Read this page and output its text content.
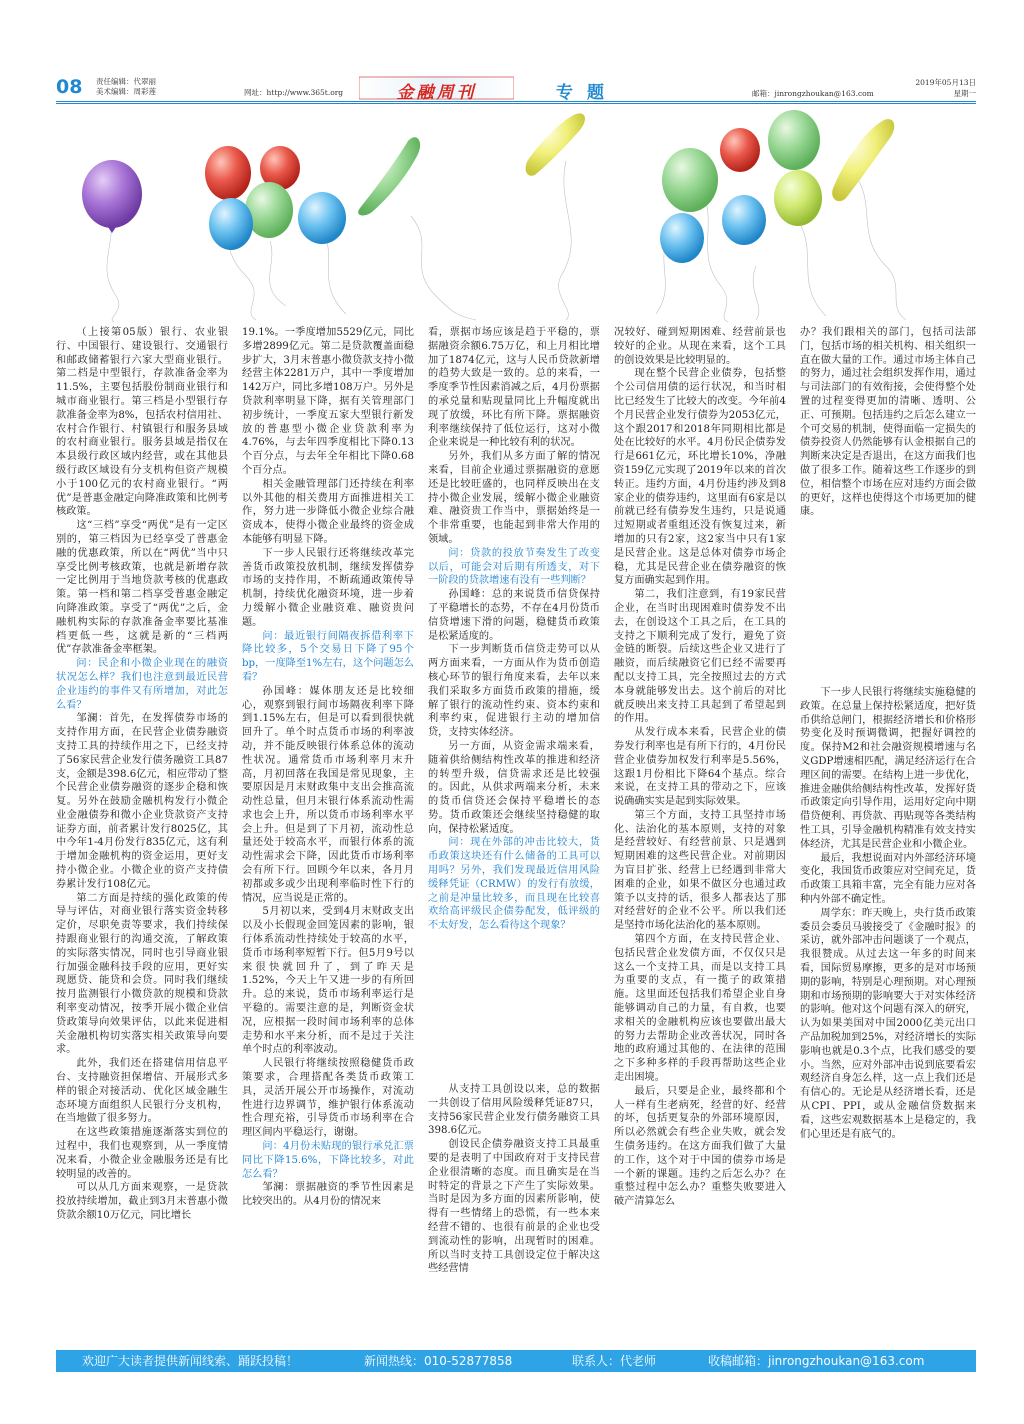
08 责任编辑：代翠丽
美术编辑：周彩莲	网址：http://www.365t.org	金融周刊	专题	邮箱：jinrongzhoukan@163.com
2019年05月13日
星期一

（上接第05版）银行、农业银行、中国银行、建设银行、交通银行和邮政储蓄银行六家大型商业银行。第二档是中型银行，存款准备金率为11.5%，主要包括股份制商业银行和城市商业银行。第三档是小型银行存款准备金率为8%，包括农村信用社、农村合作银行、村镇银行和服务县域的农村商业银行。服务县域是指仅在本县级行政区域内经营，或在其他县级行政区域设有分支机构但资产规模小于100亿元的农村商业银行。“两优”是普惠金融定向降准政策和比例考核政策。

这“三档”享受“两优”是有一定区别的，第三档因为已经享受了普惠金融的优惠政策，所以在“两优”当中只享受比例考核政策，也就是新增存款一定比例用于当地贷款考核的优惠政策。第一档和第二档享受普惠金融定向降准政策。享受了“两优”之后，金融机构实际的存款准备金率要比基准档更低一些，这就是新的“三档两优”存款准备金率框架。

问：民企和小微企业现在的融资状况怎么样？我们也注意到最近民营企业违约的事件又有所增加，对此怎么看？

邹澜：首先，在发挥债券市场的支持作用方面，在民营企业债券融资支持工具的持续作用之下，已经支持了56家民营企业发行债务融资工具87支，金额是398.6亿元，相应带动了整个民营企业债券融资的逐步企稳和恢复。另外在鼓励金融机构发行小微企业金融债券和微小企业贷款资产支持证券方面，前者累计发行8025亿，其中今年1-4月份发行835亿元，这有利于增加金融机构的资金运用，更好支持小微企业。小微企业的资产支持债券累计发行108亿元。

第二方面是持续的强化政策的传导与评估，对商业银行落实资金转移定价，尽职免责等要求，我们持续保持跟商业银行的沟通交流，了解政策的实际落实情况，同时也引导商业银行加强金融科技手段的应用，更好实现愿贷、能贷和会贷。同时我们继续按月监测银行小微贷款的规模和贷款利率变动情况，按季开展小微企业信贷政策导向效果评估，以此来促进相关金融机构切实落实相关政策导向要求。

此外，我们还在搭建信用信息平台、支持融资担保增信、开展形式多样的银企对接活动、优化区域金融生态环境方面组织人民银行分支机构，在当地做了很多努力。

在这些政策措施逐渐落实到位的过程中，我们也观察到，从一季度情况来看，小微企业金融服务还是有比较明显的改善的。

可以从几方面来观察，一是贷款投放持续增加，截止到3月末普惠小微贷款余额10万亿元，同比增长

19.1%。一季度增加5529亿元，同比多增2899亿元。第二是贷款覆盖面稳步扩大，3月末普惠小微贷款支持小微经营主体2281万户，其中一季度增加142万户，同比多增108万户。另外是贷款利率明显下降，据有关管理部门初步统计，一季度五家大型银行新发放的普惠型小微企业贷款利率为4.76%，与去年四季度相比下降0.13个百分点，与去年全年相比下降0.68个百分点。

相关金融管理部门还持续在利率以外其他的相关费用方面推进相关工作，努力进一步降低小微企业综合融资成本，使得小微企业最终的资金成本能够有明显下降。

下一步人民银行还将继续改革完善货币政策投放机制，继续发挥债券市场的支持作用，不断疏通政策传导机制，持续优化融资环境，进一步着力缓解小微企业融资难、融资贵问题。

问：最近银行间隔夜拆借利率下降比较多，5个交易日下降了95个bp，一度降至1%左右，这个问题怎么看？

孙国峰：媒体朋友还是比较细心，观察到银行间市场隔夜利率下降到1.15%左右，但是可以看到很快就回升了。单个时点货币市场的利率波动，并不能反映银行体系总体的流动性状况。通常货币市场利率月末升高，月初回落在我国是常见现象，主要原因是月末财政集中支出会推高流动性总量，但月末银行体系流动性需求也会上升，所以货币市场利率水平会上升。但是到了下月初，流动性总量还处于较高水平，而银行体系的流动性需求会下降，因此货币市场利率会有所下行。回顾今年以来，各月月初都或多或少出现利率临时性下行的情况，应当说是正常的。

5月初以来，受到4月末财政支出以及小长假现金回笼因素的影响，银行体系流动性持续处于较高的水平，货币市场利率短暂下行。但5月9号以来很快就回升了，到了昨天是1.52%，今天上午又进一步的有所回升。总的来说，货币市场利率运行是平稳的。需要注意的是，判断资金状况，应根据一段时间市场利率的总体走势和水平来分析，而不是过于关注单个时点的利率波动。

人民银行将继续按照稳健货币政策要求，合理搭配各类货币政策工具，灵活开展公开市场操作，对流动性进行边界调节，维护银行体系流动性合理充裕，引导货币市场利率在合理区间内平稳运行，谢谢。

问：4月份未贴现的银行承兑汇票同比下降15.6%，下降比较多，对此怎么看？

邹澜：票据融资的季节性因素是比较突出的。从4月份的情况来

看，票据市场应该是趋于平稳的，票据融资余额6.75万亿，和上月相比增加了1874亿元，这与人民币贷款新增的趋势大致是一致的。总的来看，一季度季节性因素消减之后，4月份票据的承兑量和贴现量同比上升幅度就出现了放缓，环比有所下降。票据融资利率继续保持了低位运行，这对小微企业来说是一种比较有利的状况。

另外，我们从多方面了解的情况来看，目前企业通过票据融资的意愿还是比较旺盛的，也同样反映出在支持小微企业发展，缓解小微企业融资难、融资贵工作当中，票据始终是一个非常重要，也能起到非常大作用的领域。

问：贷款的投放节奏发生了改变以后，可能会对后期有所透支，对下一阶段的贷款增速有没有一些判断？

孙国峰：总的来说货币信贷保持了平稳增长的态势，不存在4月份货币信贷增速下滑的问题，稳健货币政策是松紧适度的。

下一步判断货币信贷走势可以从两方面来看，一方面从作为货币创造核心环节的银行角度来看，去年以来我们采取多方面货币政策的措施，缓解了银行的流动性约束、资本约束和利率约束，促进银行主动的增加信贷，支持实体经济。

另一方面，从资金需求端来看，随着供给侧结构性改革的推进和经济的转型升级，信贷需求还是比较强的。因此，从供求两端来分析，未来的货币信贷还会保持平稳增长的态势。货币政策还会继续坚持稳健的取向，保持松紧适度。

问：现在外部的冲击比较大，货币政策这块还有什么储备的工具可以用吗？另外，我们发现最近信用风险缓释凭证（CRMW）的发行有放缓，之前是冲量比较多，而且现在比较喜欢给高评级民企债券配发，低评级的不太好发，怎么看待这个现象？

从支持工具创设以来，总的数据一共创设了信用风险缓释凭证87只，支持56家民营企业发行债务融资工具398.6亿元。

创设民企债券融资支持工具最重要的是表明了中国政府对于支持民营企业很清晰的态度。而且确实是在当时特定的背景之下产生了实际效果。当时是因为多方面的因素所影响，使得有一些情绪上的恐慌，有一些本来经营不错的、也很有前景的企业也受到流动性的影响，出现暂时的困难。所以当时支持工具创设定位于解决这些经营情

况较好、碰到短期困难、经营前景也较好的企业。从现在来看，这个工具的创设效果是比较明显的。

现在整个民营企业债券，包括整个公司信用债的运行状况，和当时相比已经发生了比较大的改变。今年前4个月民营企业发行债券为2053亿元，这个跟2017和2018年同期相比都是处在比较好的水平。4月份民企债券发行是661亿元，环比增长10%，净融资159亿元实现了2019年以来的首次转正。违约方面，4月份违约涉及到8家企业的债券违约，这里面有6家是以前就已经有债券发生违约，只是说通过短期或者重组还没有恢复过来，新增加的只有2家，这2家当中只有1家是民营企业。这是总体对债券市场企稳，尤其是民营企业在债券融资的恢复方面确实起到作用。

第二，我们注意到，有19家民营企业，在当时出现困难时债券发不出去，在创设这个工具之后，在工具的支持之下顺利完成了发行，避免了资金链的断裂。后续这些企业又进行了融资，而后续融资它们已经不需要再配以支持工具，完全按照过去的方式本身就能够发出去。这个前后的对比就反映出来支持工具起到了希望起到的作用。

从发行成本来看，民营企业的债券发行利率也是有所下行的，4月份民营企业债券加权发行利率是5.56%，这跟1月份相比下降64个基点。综合来说，在支持工具的带动之下，应该说确确实实是起到实际效果。

第三个方面，支持工具坚持市场化、法治化的基本原则，支持的对象是经营较好、有经营前景、只是遇到短期困难的这些民营企业。对前期因为盲目扩张、经营上已经遇到非常大困难的企业，如果不做区分也通过政策予以支持的话，很多人都表达了那对经营好的企业不公平。所以我们还是坚持市场化法治化的基本原则。

第四个方面，在支持民营企业、包括民营企业发债方面，不仅仅只是这么一个支持工具，而是以支持工具为重要的支点，有一揽子的政策措施。这里面还包括我们希望企业自身能够调动自己的力量，有自救，也要求相关的金融机构应该也要做出最大的努力去帮助企业改善状况，同时各地的政府通过其他的、在法律的范围之下多种多样的手段再帮助这些企业走出困境。

最后，只要是企业，最终都和个人一样有生老病死，经营的好、经营的坏，包括更复杂的外部环境原因，所以必然就会有些企业失败，就会发生债务违约。在这方面我们做了大量的工作，这个对于中国的债券市场是一个新的课题。违约之后怎么办？在重整过程中怎么办？重整失败要进入破产清算怎么

办？我们跟相关的部门，包括司法部门，包括市场的相关机构、相关组织一直在做大量的工作。通过市场主体自己的努力，通过社会组织发挥作用，通过与司法部门的有效衔接，会使得整个处置的过程变得更加的清晰、透明、公正、可预期。包括违约之后怎么建立一个可交易的机制，使得面临一定损失的债券投资人仍然能够有认金根据自己的判断来决定是否退出，在这方面我们也做了很多工作。随着这些工作逐步的到位，相信整个市场在应对违约方面会做的更好，这样也使得这个市场更加的健康。

下一步人民银行将继续实施稳健的政策。在总量上保持松紧适度，把好货币供给总闸门，根据经济增长和价格形势变化及时预调微调，把握好调控的度。保持M2和社会融资规模增速与名义GDP增速相匹配，满足经济运行在合理区间的需要。在结构上进一步优化，推进金融供给侧结构性改革，发挥好货币政策定向引导作用，运用好定向中期借贷便利、再贷款、再贴现等各类结构性工具，引导金融机构精准有效支持实体经济，尤其是民营企业和小微企业。

最后，我想说面对内外部经济环境变化，我国货币政策应对空间充足，货币政策工具箱丰富，完全有能力应对各种内外部不确定性。

周学东：昨天晚上，央行货币政策委员会委员马骏接受了《金融时报》的采访，就外部冲击问题谈了一个观点，我很赞成。从过去这一年多的时间来看，国际贸易摩擦，更多的是对市场预期的影响，特别是心理预期。对心理预期和市场预期的影响要大于对实体经济的影响。他对这个问题有深入的研究，认为如果美国对中国2000亿美元出口产品加税加到25%，对经济增长的实际影响也就是0.3个点，比我们感受的要小。当然，应对外部冲击说到底要看宏观经济自身怎么样，这一点上我们还是有信心的。无论是从经济增长看，还是从CPI、PPI，或从金融信贷数据来看，这些宏观数据基本上是稳定的，我们心里还是有底气的。

欢迎广大读者提供新闻线索、踊跃投稿！	新闻热线：010-52877858	联系人：代老师	收稿邮箱：jinrongzhoukan@163.com
